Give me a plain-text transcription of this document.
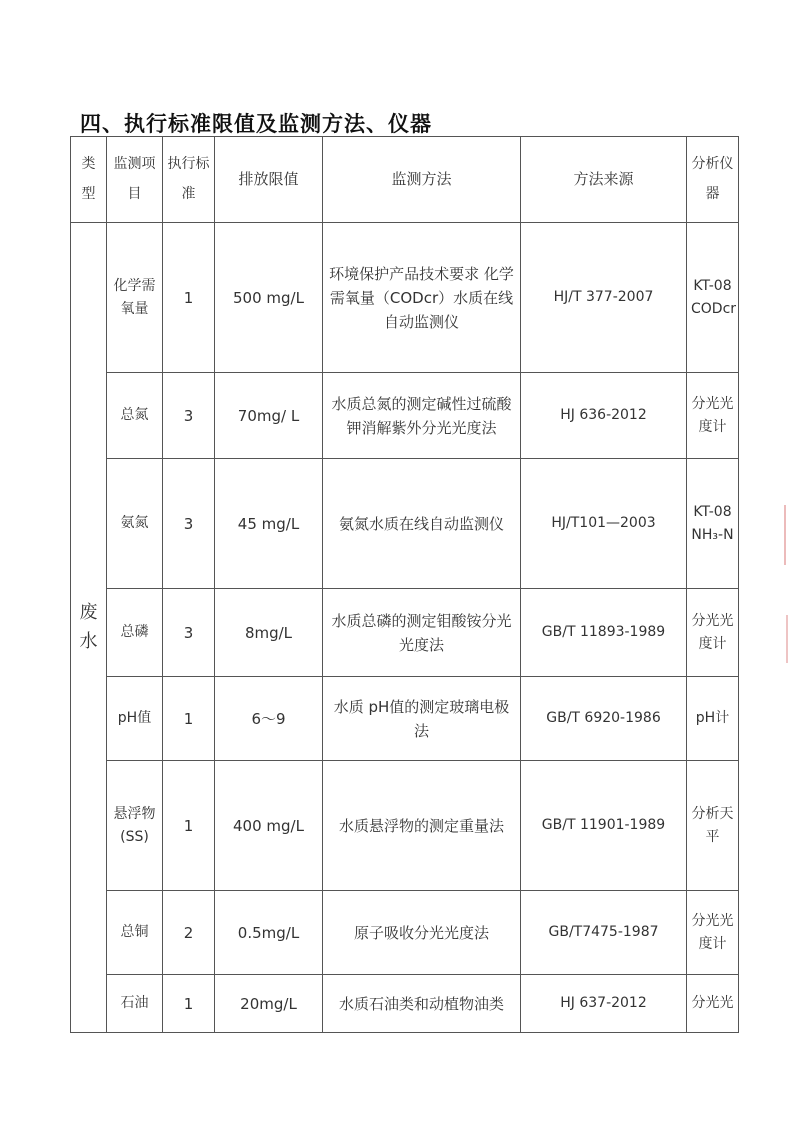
四、执行标准限值及监测方法、仪器
类型	监测项目	执行标准	排放限值	监测方法	方法来源	分析仪器
废水	化学需氧量	1	500 mg/L	环境保护产品技术要求 化学需氧量（CODcr）水质在线自动监测仪	HJ/T 377-2007	KT-08 CODcr
	总氮	3	70mg/ L	水质总氮的测定碱性过硫酸钾消解紫外分光光度法	HJ 636-2012	分光光度计
	氨氮	3	45 mg/L	氨氮水质在线自动监测仪	HJ/T101—2003	KT-08 NH₃-N
	总磷	3	8mg/L	水质总磷的测定钼酸铵分光光度法	GB/T 11893-1989	分光光度计
	pH值	1	6～9	水质 pH值的测定玻璃电极法	GB/T 6920-1986	pH计
	悬浮物(SS)	1	400 mg/L	水质悬浮物的测定重量法	GB/T 11901-1989	分析天平
	总铜	2	0.5mg/L	原子吸收分光光度法	GB/T7475-1987	分光光度计
	石油	1	20mg/L	水质石油类和动植物油类	HJ 637-2012	分光光
